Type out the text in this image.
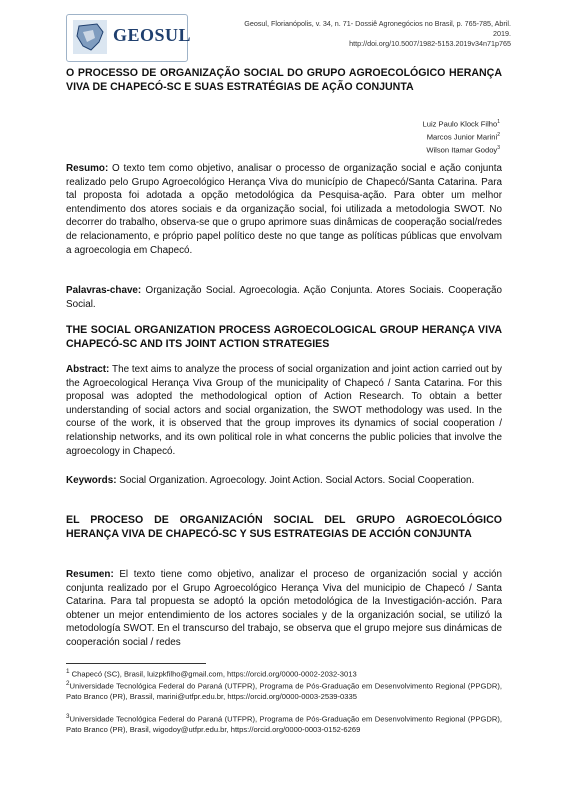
GEOSUL
Geosul, Florianópolis, v. 34, n. 71- Dossiê Agronegócios no Brasil, p. 765-785, Abril. 2019.
http://doi.org/10.5007/1982-5153.2019v34n71p765
O PROCESSO DE ORGANIZAÇÃO SOCIAL DO GRUPO AGROECOLÓGICO HERANÇA VIVA DE CHAPECÓ-SC E SUAS ESTRATÉGIAS DE AÇÃO CONJUNTA
Luiz Paulo Klock Filho$^1$
Marcos Junior Marini$^2$
Wilson Itamar Godoy$^3$
Resumo: O texto tem como objetivo, analisar o processo de organização social e ação conjunta realizado pelo Grupo Agroecológico Herança Viva do município de Chapecó/Santa Catarina. Para tal proposta foi adotada a opção metodológica da Pesquisa-ação. Para obter um melhor entendimento dos atores sociais e da organização social, foi utilizada a metodologia SWOT. No decorrer do trabalho, observa-se que o grupo aprimore suas dinâmicas de cooperação social/redes de relacionamento, e próprio papel político deste no que tange as políticas públicas que envolvam a agroecologia em Chapecó.
Palavras-chave: Organização Social. Agroecologia. Ação Conjunta. Atores Sociais. Cooperação Social.
THE SOCIAL ORGANIZATION PROCESS AGROECOLOGICAL GROUP HERANÇA VIVA CHAPECÓ-SC AND ITS JOINT ACTION STRATEGIES
Abstract: The text aims to analyze the process of social organization and joint action carried out by the Agroecological Herança Viva Group of the municipality of Chapecó / Santa Catarina. For this proposal was adopted the methodological option of Action Research. To obtain a better understanding of social actors and social organization, the SWOT methodology was used. In the course of the work, it is observed that the group improves its dynamics of social cooperation / relationship networks, and its own political role in what concerns the public policies that involve the agroecology in Chapecó.
Keywords: Social Organization. Agroecology. Joint Action. Social Actors. Social Cooperation.
EL PROCESO DE ORGANIZACIÓN SOCIAL DEL GRUPO AGROECOLÓGICO HERANÇA VIVA DE CHAPECÓ-SC Y SUS ESTRATEGIAS DE ACCIÓN CONJUNTA
Resumen: El texto tiene como objetivo, analizar el proceso de organización social y acción conjunta realizado por el Grupo Agroecológico Herança Viva del municipio de Chapecó / Santa Catarina. Para tal propuesta se adoptó la opción metodológica de la Investigación-acción. Para obtener un mejor entendimiento de los actores sociales y de la organización social, se utilizó la metodología SWOT. En el transcurso del trabajo, se observa que el grupo mejore sus dinámicas de cooperación social / redes
$^1$ Chapecó (SC), Brasil, luizpkfilho@gmail.com, https://orcid.org/0000-0002-2032-3013
$^2$Universidade Tecnológica Federal do Paraná (UTFPR), Programa de Pós-Graduação em Desenvolvimento Regional (PPGDR), Pato Branco (PR), Brassil, marini@utfpr.edu.br, https://orcid.org/0000-0003-2539-0335
$^3$Universidade Tecnológica Federal do Paraná (UTFPR), Programa de Pós-Graduação em Desenvolvimento Regional (PPGDR), Pato Branco (PR), Brasil, wigodoy@utfpr.edu.br, https://orcid.org/0000-0003-0152-6269
